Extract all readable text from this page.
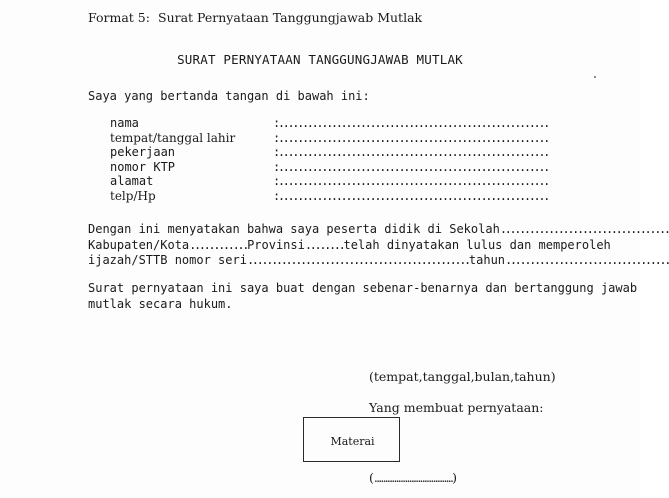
Format 5: Surat Pernyataan Tanggungjawab Mutlak
SURAT PERNYATAAN TANGGUNGJAWAB MUTLAK
Saya yang bertanda tangan di bawah ini:
nama	:........................................................
tempat/tanggal lahir	:........................................................
pekerjaan	:........................................................
nomor KTP	:........................................................
alamat	:........................................................
telp/Hp	:........................................................
Dengan ini menyatakan bahwa saya peserta didik di Sekolah...................................
Kabupaten/Kota............Provinsi........telah dinyatakan lulus dan memperoleh
ijazah/STTB nomor seri..............................................tahun..................................
Surat pernyataan ini saya buat dengan sebenar-benarnya dan bertanggung jawab
mutlak secara hukum.
(tempat,tanggal,bulan,tahun)
Yang membuat pernyataan:
Materai
(....................................)
